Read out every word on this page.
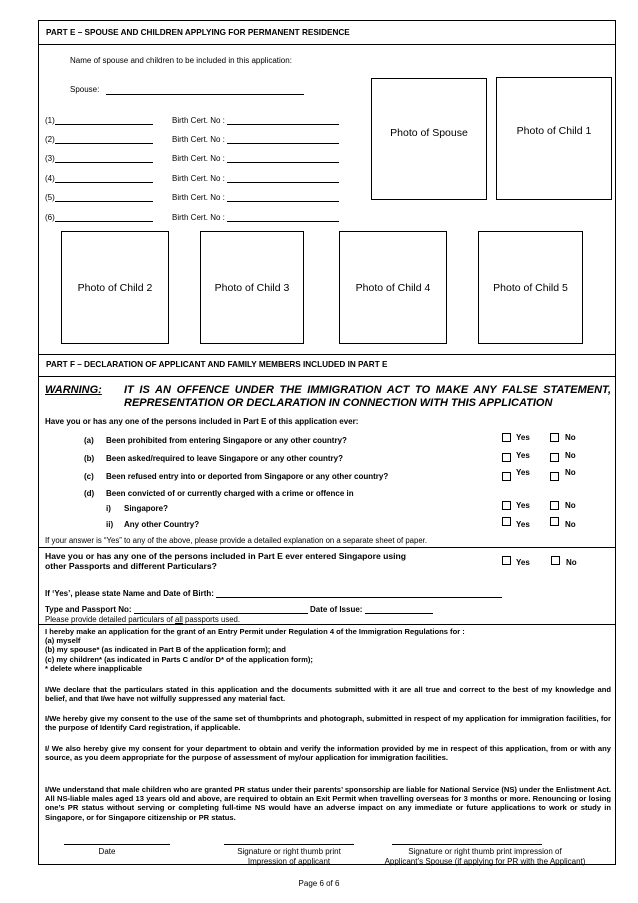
PART E – SPOUSE AND CHILDREN APPLYING FOR PERMANENT RESIDENCE
Name of spouse and children to be included in this application:
Spouse:
(1)	Birth Cert. No :
(2)	Birth Cert. No :
(3)	Birth Cert. No :
(4)	Birth Cert. No :
(5)	Birth Cert. No :
(6)	Birth Cert. No :
Photo of Spouse	Photo of Child 1
Photo of Child 2	Photo of Child 3	Photo of Child 4	Photo of Child 5
PART F – DECLARATION OF APPLICANT AND FAMILY MEMBERS INCLUDED IN PART E
WARNING: IT IS AN OFFENCE UNDER THE IMMIGRATION ACT TO MAKE ANY FALSE STATEMENT,
REPRESENTATION OR DECLARATION IN CONNECTION WITH THIS APPLICATION
Have you or has any one of the persons included in Part E of this application ever:
(a) Been prohibited from entering Singapore or any other country?	Yes	No
(b) Been asked/required to leave Singapore or any other country?	Yes	No
(c) Been refused entry into or deported from Singapore or any other country?	Yes	No
(d) Been convicted of or currently charged with a crime or offence in
i) Singapore?	Yes	No
ii) Any other Country?	Yes	No
If your answer is “Yes” to any of the above, please provide a detailed explanation on a separate sheet of paper.
Have you or has any one of the persons included in Part E ever entered Singapore using
other Passports and different Particulars?	Yes	No
If ‘Yes’, please state Name and Date of Birth:
Type and Passport No:	Date of Issue:
Please provide detailed particulars of all passports used.
I hereby make an application for the grant of an Entry Permit under Regulation 4 of the Immigration Regulations for :
(a) myself
(b) my spouse* (as indicated in Part B of the application form); and
(c) my children* (as indicated in Parts C and/or D* of the application form);
* delete where inapplicable
I/We declare that the particulars stated in this application and the documents submitted with it are all true and correct to the best of my knowledge and belief, and that I/we have not wilfully suppressed any material fact.
I/We hereby give my consent to the use of the same set of thumbprints and photograph, submitted in respect of my application for immigration facilities, for the purpose of Identify Card registration, if applicable.
I/ We also hereby give my consent for your department to obtain and verify the information provided by me in respect of this application, from or with any source, as you deem appropriate for the purpose of assessment of my/our application for immigration facilities.
I/We understand that male children who are granted PR status under their parents’ sponsorship are liable for National Service (NS) under the Enlistment Act. All NS-liable males aged 13 years old and above, are required to obtain an Exit Permit when travelling overseas for 3 months or more. Renouncing or losing one’s PR status without serving or completing full-time NS would have an adverse impact on any immediate or future applications to work or study in Singapore, or for Singapore citizenship or PR status.
Date	Signature or right thumb print
Impression of applicant
Signature or right thumb print impression of
Applicant’s Spouse (if applying for PR with the Applicant)
Page 6 of 6
